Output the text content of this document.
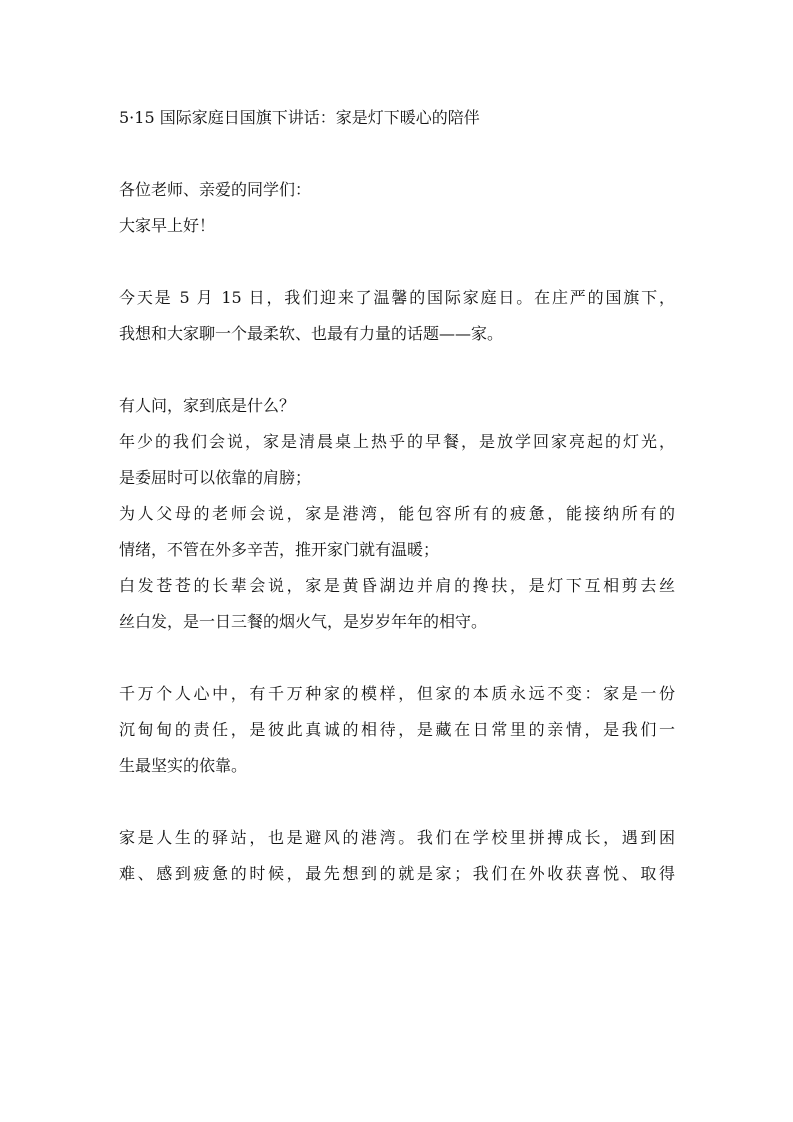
5·15 国际家庭日国旗下讲话：家是灯下暖心的陪伴
各位老师、亲爱的同学们：
大家早上好！
今天是 5 月 15 日，我们迎来了温馨的国际家庭日。在庄严的国旗下，
我想和大家聊一个最柔软、也最有力量的话题——家。
有人问，家到底是什么？
年少的我们会说，家是清晨桌上热乎的早餐，是放学回家亮起的灯光，
是委屈时可以依靠的肩膀；
为人父母的老师会说，家是港湾，能包容所有的疲惫，能接纳所有的
情绪，不管在外多辛苦，推开家门就有温暖；
白发苍苍的长辈会说，家是黄昏湖边并肩的搀扶，是灯下互相剪去丝
丝白发，是一日三餐的烟火气，是岁岁年年的相守。
千万个人心中，有千万种家的模样，但家的本质永远不变：家是一份
沉甸甸的责任，是彼此真诚的相待，是藏在日常里的亲情，是我们一
生最坚实的依靠。
家是人生的驿站，也是避风的港湾。我们在学校里拼搏成长，遇到困
难、感到疲惫的时候，最先想到的就是家；我们在外收获喜悦、取得
